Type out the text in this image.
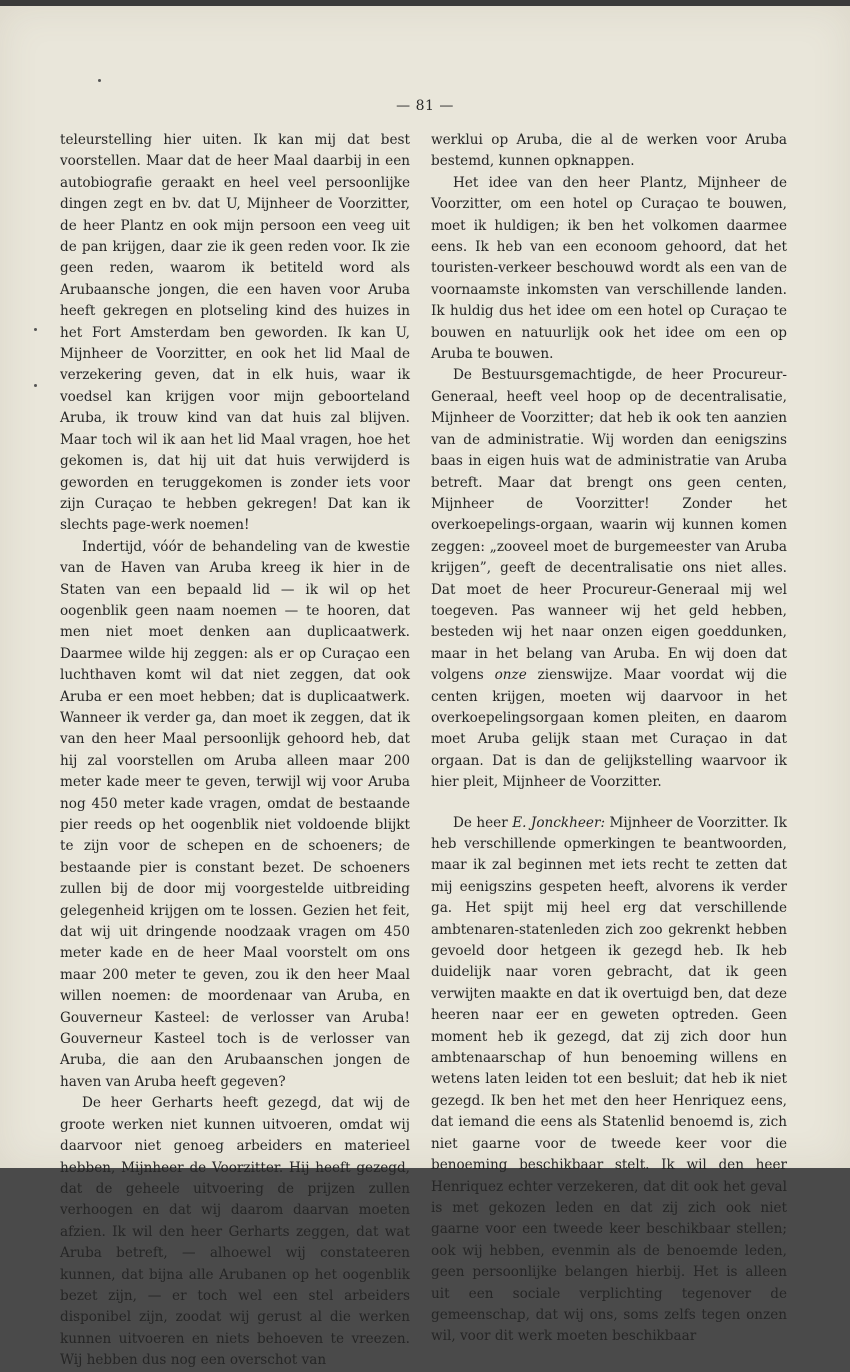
— 81 —

teleurstelling hier uiten. Ik kan mij dat best voorstellen. Maar dat de heer Maal daarbij in een autobiografie geraakt en heel veel persoonlijke dingen zegt en bv. dat U, Mijnheer de Voorzitter, de heer Plantz en ook mijn persoon een veeg uit de pan krijgen, daar zie ik geen reden voor. Ik zie geen reden, waarom ik betiteld word als Arubaansche jongen, die een haven voor Aruba heeft gekregen en plotseling kind des huizes in het Fort Amsterdam ben geworden. Ik kan U, Mijnheer de Voorzitter, en ook het lid Maal de verzekering geven, dat in elk huis, waar ik voedsel kan krijgen voor mijn geboorteland Aruba, ik trouw kind van dat huis zal blijven. Maar toch wil ik aan het lid Maal vragen, hoe het gekomen is, dat hij uit dat huis verwijderd is geworden en teruggekomen is zonder iets voor zijn Curaçao te hebben gekregen! Dat kan ik slechts page-werk noemen!

Indertijd, vóór de behandeling van de kwestie van de Haven van Aruba kreeg ik hier in de Staten van een bepaald lid — ik wil op het oogenblik geen naam noemen — te hooren, dat men niet moet denken aan duplicaatwerk. Daarmee wilde hij zeggen: als er op Curaçao een luchthaven komt wil dat niet zeggen, dat ook Aruba er een moet hebben; dat is duplicaatwerk. Wanneer ik verder ga, dan moet ik zeggen, dat ik van den heer Maal persoonlijk gehoord heb, dat hij zal voorstellen om Aruba alleen maar 200 meter kade meer te geven, terwijl wij voor Aruba nog 450 meter kade vragen, omdat de bestaande pier reeds op het oogenblik niet voldoende blijkt te zijn voor de schepen en de schoeners; de bestaande pier is constant bezet. De schoeners zullen bij de door mij voorgestelde uitbreiding gelegenheid krijgen om te lossen. Gezien het feit, dat wij uit dringende noodzaak vragen om 450 meter kade en de heer Maal voorstelt om ons maar 200 meter te geven, zou ik den heer Maal willen noemen: de moordenaar van Aruba, en Gouverneur Kasteel: de verlosser van Aruba! Gouverneur Kasteel toch is de verlosser van Aruba, die aan den Arubaanschen jongen de haven van Aruba heeft gegeven?

De heer Gerharts heeft gezegd, dat wij de groote werken niet kunnen uitvoeren, omdat wij daarvoor niet genoeg arbeiders en materieel hebben, Mijnheer de Voorzitter. Hij heeft gezegd, dat de geheele uitvoering de prijzen zullen verhoogen en dat wij daarom daarvan moeten afzien. Ik wil den heer Gerharts zeggen, dat wat Aruba betreft, — alhoewel wij constateeren kunnen, dat bijna alle Arubanen op het oogenblik bezet zijn, — er toch wel een stel arbeiders disponibel zijn, zoodat wij gerust al die werken kunnen uitvoeren en niets behoeven te vreezen. Wij hebben dus nog een overschot van

werklui op Aruba, die al de werken voor Aruba bestemd, kunnen opknappen.

Het idee van den heer Plantz, Mijnheer de Voorzitter, om een hotel op Curaçao te bouwen, moet ik huldigen; ik ben het volkomen daarmee eens. Ik heb van een econoom gehoord, dat het touristen-verkeer beschouwd wordt als een van de voornaamste inkomsten van verschillende landen. Ik huldig dus het idee om een hotel op Curaçao te bouwen en natuurlijk ook het idee om een op Aruba te bouwen.

De Bestuursgemachtigde, de heer Procureur-Generaal, heeft veel hoop op de decentralisatie, Mijnheer de Voorzitter; dat heb ik ook ten aanzien van de administratie. Wij worden dan eenigszins baas in eigen huis wat de administratie van Aruba betreft. Maar dat brengt ons geen centen, Mijnheer de Voorzitter! Zonder het overkoepelings-orgaan, waarin wij kunnen komen zeggen: „zooveel moet de burgemeester van Aruba krijgen”, geeft de decentralisatie ons niet alles. Dat moet de heer Procureur-Generaal mij wel toegeven. Pas wanneer wij het geld hebben, besteden wij het naar onzen eigen goeddunken, maar in het belang van Aruba. En wij doen dat volgens onze zienswijze. Maar voordat wij die centen krijgen, moeten wij daarvoor in het overkoepelingsorgaan komen pleiten, en daarom moet Aruba gelijk staan met Curaçao in dat orgaan. Dat is dan de gelijkstelling waarvoor ik hier pleit, Mijnheer de Voorzitter.

De heer E. Jonckheer: Mijnheer de Voorzitter. Ik heb verschillende opmerkingen te beantwoorden, maar ik zal beginnen met iets recht te zetten dat mij eenigszins gespeten heeft, alvorens ik verder ga. Het spijt mij heel erg dat verschillende ambtenaren-statenleden zich zoo gekrenkt hebben gevoeld door hetgeen ik gezegd heb. Ik heb duidelijk naar voren gebracht, dat ik geen verwijten maakte en dat ik overtuigd ben, dat deze heeren naar eer en geweten optreden. Geen moment heb ik gezegd, dat zij zich door hun ambtenaarschap of hun benoeming willens en wetens laten leiden tot een besluit; dat heb ik niet gezegd. Ik ben het met den heer Henriquez eens, dat iemand die eens als Statenlid benoemd is, zich niet gaarne voor de tweede keer voor die benoeming beschikbaar stelt. Ik wil den heer Henriquez echter verzekeren, dat dit ook het geval is met gekozen leden en dat zij zich ook niet gaarne voor een tweede keer beschikbaar stellen; ook wij hebben, evenmin als de benoemde leden, geen persoonlijke belangen hierbij. Het is alleen uit een sociale verplichting tegenover de gemeenschap, dat wij ons, soms zelfs tegen onzen wil, voor dit werk moeten beschikbaar
